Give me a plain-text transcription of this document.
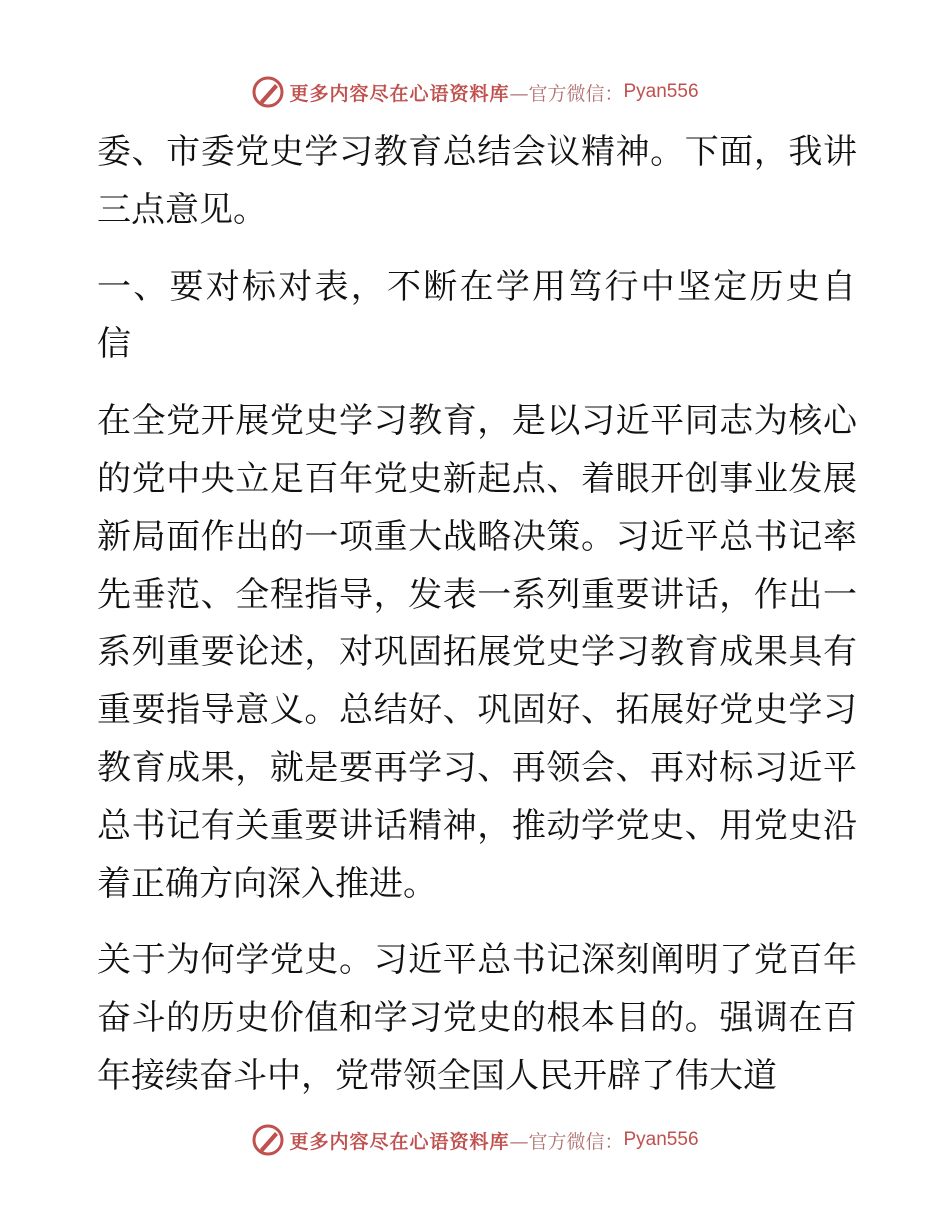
更多内容尽在心语资料库 —官方微信： Pyan556

委、市委党史学习教育总结会议精神。下面，我讲三点意见。

一、要对标对表，不断在学用笃行中坚定历史自信

在全党开展党史学习教育，是以习近平同志为核心的党中央立足百年党史新起点、着眼开创事业发展新局面作出的一项重大战略决策。习近平总书记率先垂范、全程指导，发表一系列重要讲话，作出一系列重要论述，对巩固拓展党史学习教育成果具有重要指导意义。总结好、巩固好、拓展好党史学习教育成果，就是要再学习、再领会、再对标习近平总书记有关重要讲话精神，推动学党史、用党史沿着正确方向深入推进。

关于为何学党史。习近平总书记深刻阐明了党百年奋斗的历史价值和学习党史的根本目的。强调在百年接续奋斗中，党带领全国人民开辟了伟大道

更多内容尽在心语资料库 —官方微信： Pyan556
